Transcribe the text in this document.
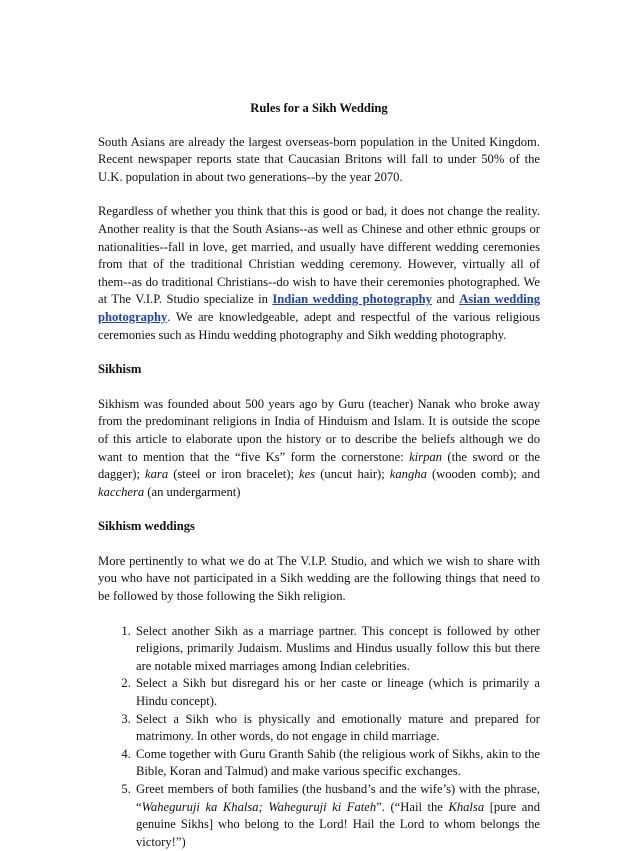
Rules for a Sikh Wedding

South Asians are already the largest overseas-born population in the United Kingdom. Recent newspaper reports state that Caucasian Britons will fall to under 50% of the U.K. population in about two generations--by the year 2070.

Regardless of whether you think that this is good or bad, it does not change the reality. Another reality is that the South Asians--as well as Chinese and other ethnic groups or nationalities--fall in love, get married, and usually have different wedding ceremonies from that of the traditional Christian wedding ceremony. However, virtually all of them--as do traditional Christians--do wish to have their ceremonies photographed. We at The V.I.P. Studio specialize in Indian wedding photography and Asian wedding photography. We are knowledgeable, adept and respectful of the various religious ceremonies such as Hindu wedding photography and Sikh wedding photography.

Sikhism

Sikhism was founded about 500 years ago by Guru (teacher) Nanak who broke away from the predominant religions in India of Hinduism and Islam. It is outside the scope of this article to elaborate upon the history or to describe the beliefs although we do want to mention that the “five Ks” form the cornerstone: kirpan (the sword or the dagger); kara (steel or iron bracelet); kes (uncut hair); kangha (wooden comb); and kacchera (an undergarment)

Sikhism weddings

More pertinently to what we do at The V.I.P. Studio, and which we wish to share with you who have not participated in a Sikh wedding are the following things that need to be followed by those following the Sikh religion.

1. Select another Sikh as a marriage partner. This concept is followed by other religions, primarily Judaism. Muslims and Hindus usually follow this but there are notable mixed marriages among Indian celebrities.
2. Select a Sikh but disregard his or her caste or lineage (which is primarily a Hindu concept).
3. Select a Sikh who is physically and emotionally mature and prepared for matrimony. In other words, do not engage in child marriage.
4. Come together with Guru Granth Sahib (the religious work of Sikhs, akin to the Bible, Koran and Talmud) and make various specific exchanges.
5. Greet members of both families (the husband’s and the wife’s) with the phrase, “Waheguruji ka Khalsa; Waheguruji ki Fateh”. (“Hail the Khalsa [pure and genuine Sikhs] who belong to the Lord! Hail the Lord to whom belongs the victory!”)
